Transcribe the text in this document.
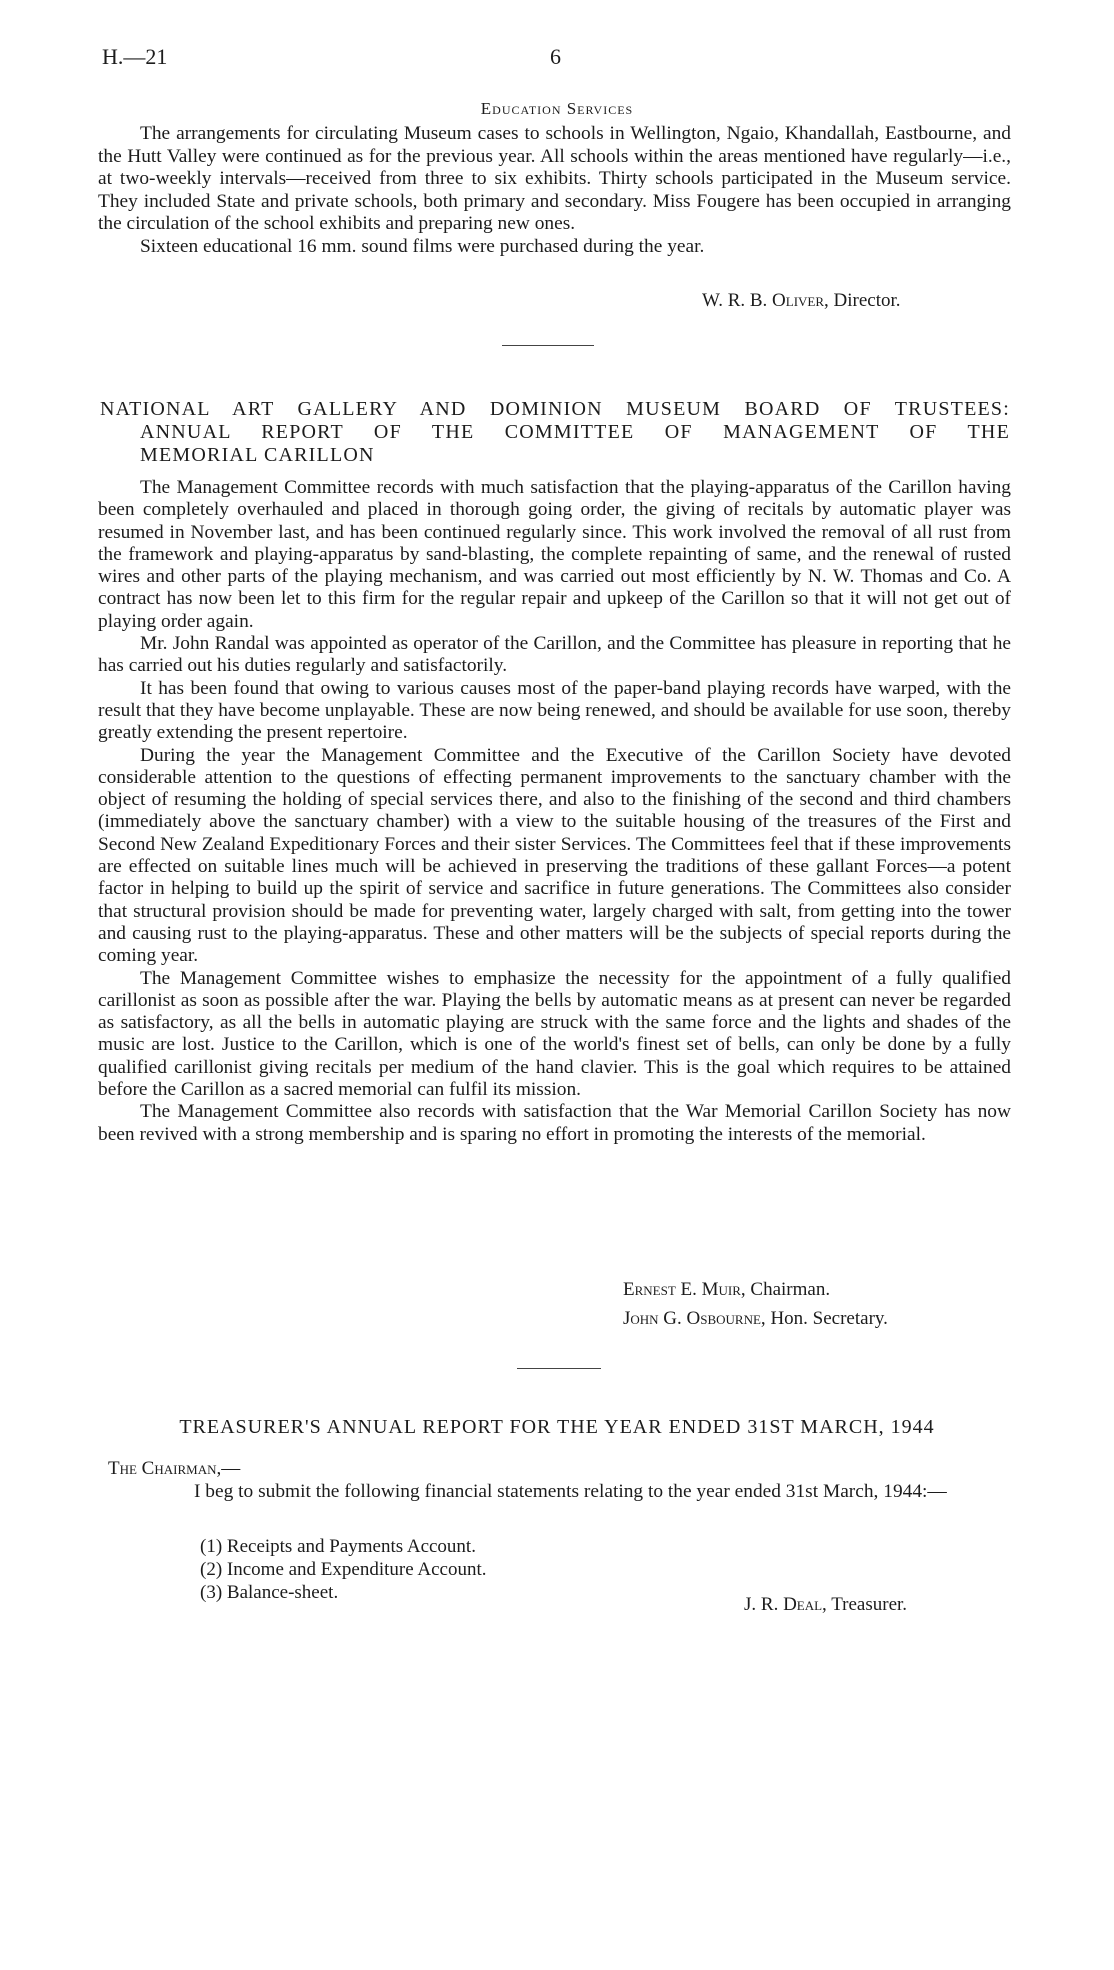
H.—21	6
Education Services

The arrangements for circulating Museum cases to schools in Wellington, Ngaio, Khandallah, Eastbourne, and the Hutt Valley were continued as for the previous year. All schools within the areas mentioned have regularly—i.e., at two-weekly intervals—received from three to six exhibits. Thirty schools participated in the Museum service. They included State and private schools, both primary and secondary. Miss Fougere has been occupied in arranging the circulation of the school exhibits and preparing new ones.

Sixteen educational 16 mm. sound films were purchased during the year.

W. R. B. Oliver, Director.
NATIONAL ART GALLERY AND DOMINION MUSEUM BOARD OF TRUSTEES:
ANNUAL REPORT OF THE COMMITTEE OF MANAGEMENT OF THE
MEMORIAL CARILLON

The Management Committee records with much satisfaction that the playing-apparatus of the Carillon having been completely overhauled and placed in thorough going order, the giving of recitals by automatic player was resumed in November last, and has been continued regularly since. This work involved the removal of all rust from the framework and playing-apparatus by sand-blasting, the complete repainting of same, and the renewal of rusted wires and other parts of the playing mechanism, and was carried out most efficiently by N. W. Thomas and Co. A contract has now been let to this firm for the regular repair and upkeep of the Carillon so that it will not get out of playing order again.

Mr. John Randal was appointed as operator of the Carillon, and the Committee has pleasure in reporting that he has carried out his duties regularly and satisfactorily.

It has been found that owing to various causes most of the paper-band playing records have warped, with the result that they have become unplayable. These are now being renewed, and should be available for use soon, thereby greatly extending the present repertoire.

During the year the Management Committee and the Executive of the Carillon Society have devoted considerable attention to the questions of effecting permanent improvements to the sanctuary chamber with the object of resuming the holding of special services there, and also to the finishing of the second and third chambers (immediately above the sanctuary chamber) with a view to the suitable housing of the treasures of the First and Second New Zealand Expeditionary Forces and their sister Services. The Committees feel that if these improvements are effected on suitable lines much will be achieved in preserving the traditions of these gallant Forces—a potent factor in helping to build up the spirit of service and sacrifice in future generations. The Committees also consider that structural provision should be made for preventing water, largely charged with salt, from getting into the tower and causing rust to the playing-apparatus. These and other matters will be the subjects of special reports during the coming year.

The Management Committee wishes to emphasize the necessity for the appointment of a fully qualified carillonist as soon as possible after the war. Playing the bells by automatic means as at present can never be regarded as satisfactory, as all the bells in automatic playing are struck with the same force and the lights and shades of the music are lost. Justice to the Carillon, which is one of the world's finest set of bells, can only be done by a fully qualified carillonist giving recitals per medium of the hand clavier. This is the goal which requires to be attained before the Carillon as a sacred memorial can fulfil its mission.

The Management Committee also records with satisfaction that the War Memorial Carillon Society has now been revived with a strong membership and is sparing no effort in promoting the interests of the memorial.

Ernest E. Muir, Chairman.
John G. Osbourne, Hon. Secretary.
TREASURER'S ANNUAL REPORT FOR THE YEAR ENDED 31ST MARCH, 1944
The Chairman,—

I beg to submit the following financial statements relating to the year ended 31st March, 1944:—

(1) Receipts and Payments Account.
(2) Income and Expenditure Account.
(3) Balance-sheet.
J. R. Deal, Treasurer.
